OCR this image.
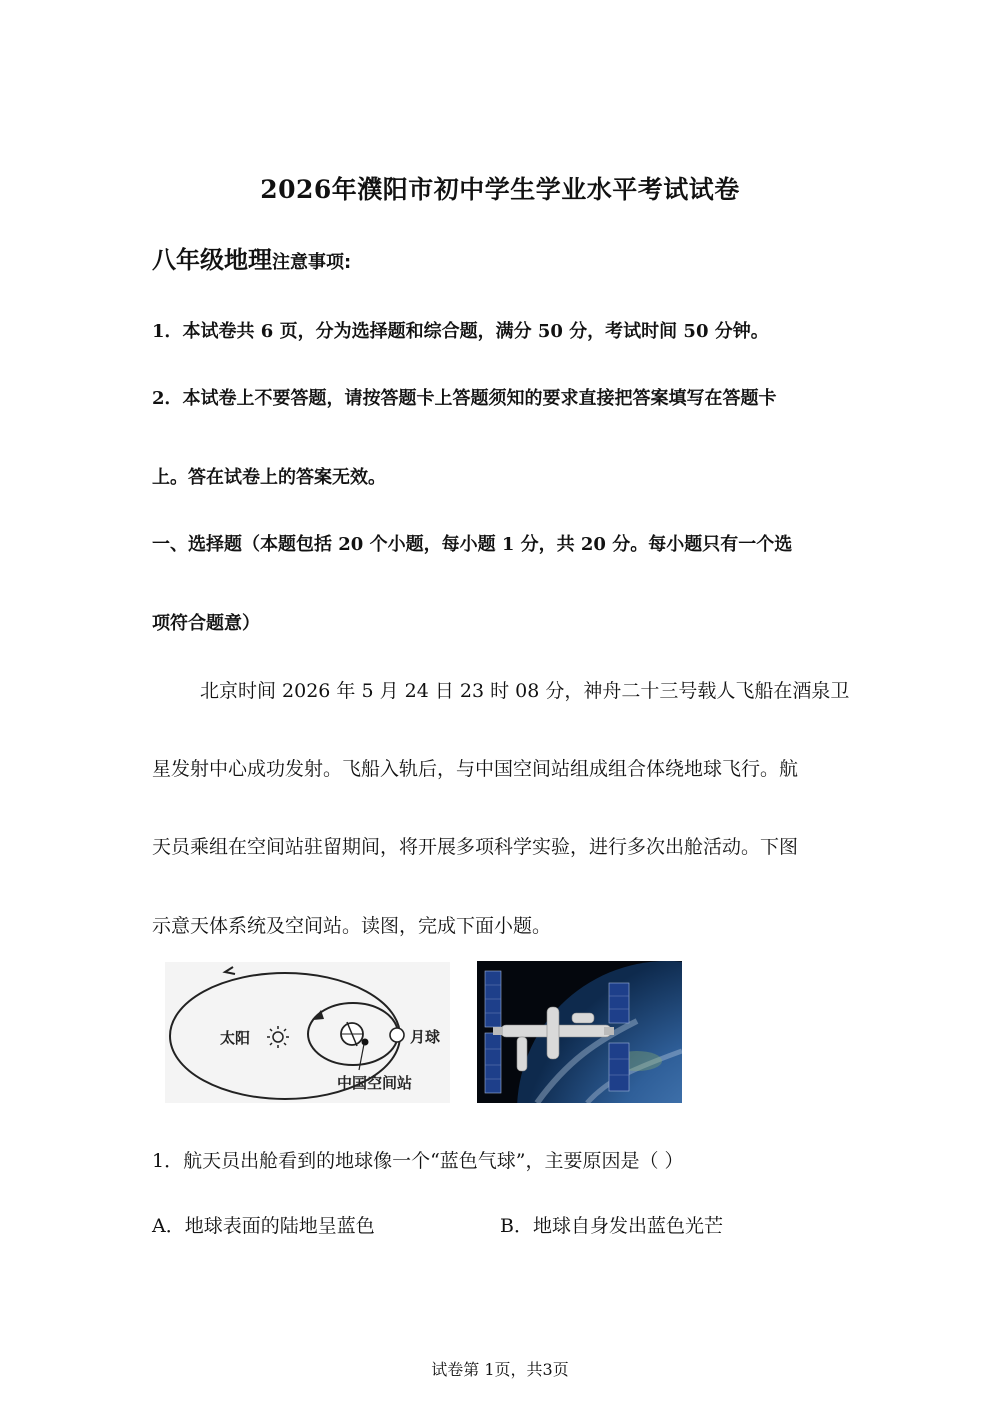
2026年濮阳市初中学生学业水平考试试卷
八年级地理注意事项:
1．本试卷共 6 页，分为选择题和综合题，满分 50 分，考试时间 50 分钟。
2．本试卷上不要答题，请按答题卡上答题须知的要求直接把答案填写在答题卡
上。答在试卷上的答案无效。
一、选择题（本题包括 20 个小题，每小题 1 分，共 20 分。每小题只有一个选
项符合题意）
北京时间 2026 年 5 月 24 日 23 时 08 分，神舟二十三号载人飞船在酒泉卫
星发射中心成功发射。飞船入轨后，与中国空间站组成组合体绕地球飞行。航
天员乘组在空间站驻留期间，将开展多项科学实验，进行多次出舱活动。下图
示意天体系统及空间站。读图，完成下面小题。
太阳
中国空间站
月球
1．航天员出舱看到的地球像一个“蓝色气球”，主要原因是（ ）
A．地球表面的陆地呈蓝色	B．地球自身发出蓝色光芒
试卷第 1页，共3页
